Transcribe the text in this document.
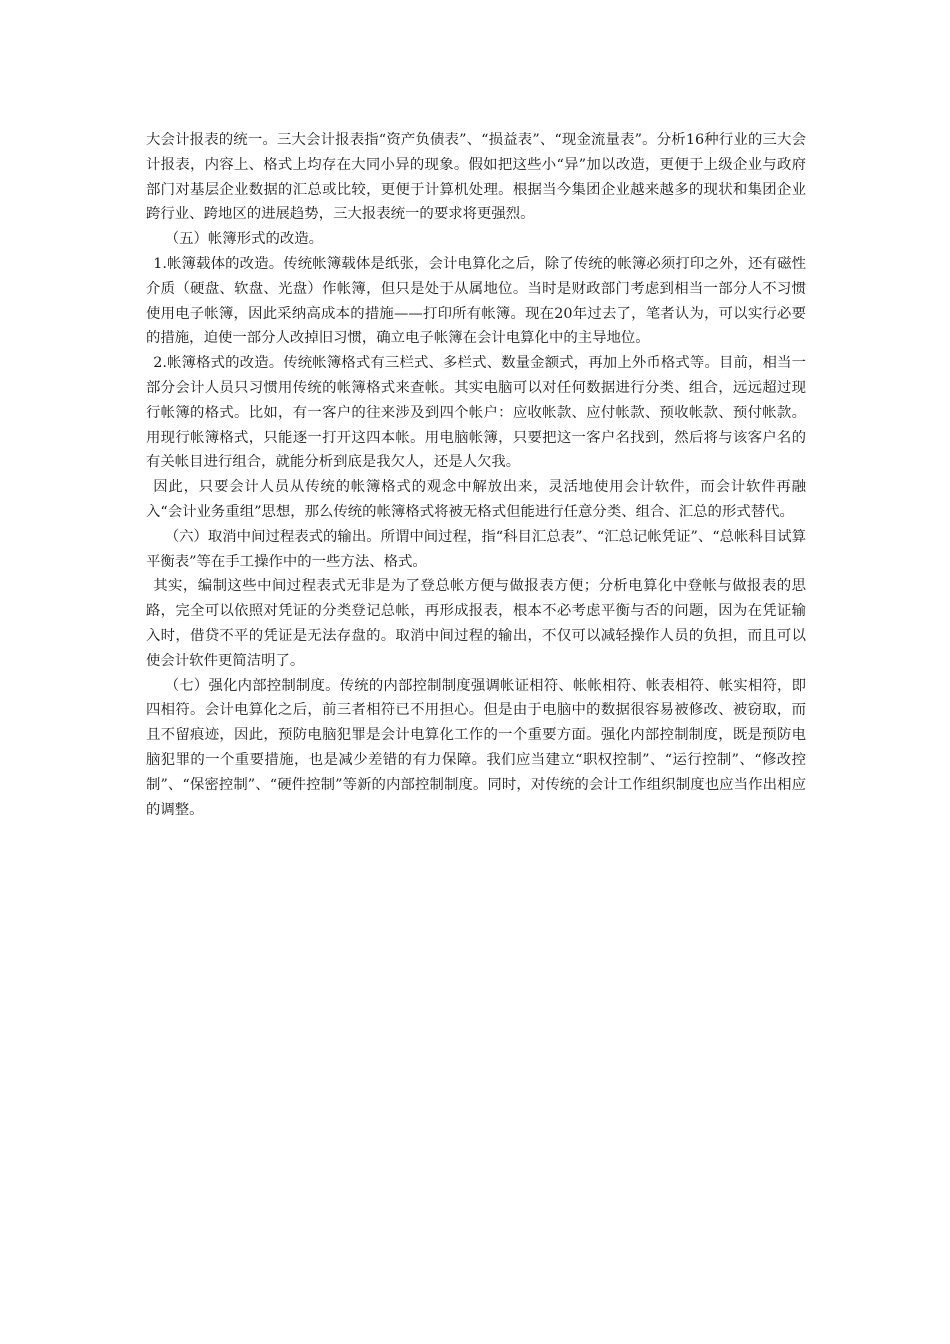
大会计报表的统一。三大会计报表指“资产负债表”、“损益表”、“现金流量表”。分析16种行业的三大会计报表，内容上、格式上均存在大同小异的现象。假如把这些小“异”加以改造，更便于上级企业与政府部门对基层企业数据的汇总或比较，更便于计算机处理。根据当今集团企业越来越多的现状和集团企业跨行业、跨地区的进展趋势，三大报表统一的要求将更强烈。

（五）帐簿形式的改造。

1.帐簿载体的改造。传统帐簿载体是纸张，会计电算化之后，除了传统的帐簿必须打印之外，还有磁性介质（硬盘、软盘、光盘）作帐簿，但只是处于从属地位。当时是财政部门考虑到相当一部分人不习惯使用电子帐簿，因此采纳高成本的措施——打印所有帐簿。现在20年过去了，笔者认为，可以实行必要的措施，迫使一部分人改掉旧习惯，确立电子帐簿在会计电算化中的主导地位。

2.帐簿格式的改造。传统帐簿格式有三栏式、多栏式、数量金额式，再加上外币格式等。目前，相当一部分会计人员只习惯用传统的帐簿格式来查帐。其实电脑可以对任何数据进行分类、组合，远远超过现行帐簿的格式。比如，有一客户的往来涉及到四个帐户：应收帐款、应付帐款、预收帐款、预付帐款。用现行帐簿格式，只能逐一打开这四本帐。用电脑帐簿，只要把这一客户名找到，然后将与该客户名的有关帐目进行组合，就能分析到底是我欠人，还是人欠我。

因此，只要会计人员从传统的帐簿格式的观念中解放出来，灵活地使用会计软件，而会计软件再融入“会计业务重组”思想，那么传统的帐簿格式将被无格式但能进行任意分类、组合、汇总的形式替代。

（六）取消中间过程表式的输出。所谓中间过程，指“科目汇总表”、“汇总记帐凭证”、“总帐科目试算平衡表”等在手工操作中的一些方法、格式。

其实，编制这些中间过程表式无非是为了登总帐方便与做报表方便；分析电算化中登帐与做报表的思路，完全可以依照对凭证的分类登记总帐，再形成报表，根本不必考虑平衡与否的问题，因为在凭证输入时，借贷不平的凭证是无法存盘的。取消中间过程的输出，不仅可以减轻操作人员的负担，而且可以使会计软件更简洁明了。

（七）强化内部控制制度。传统的内部控制制度强调帐证相符、帐帐相符、帐表相符、帐实相符，即四相符。会计电算化之后，前三者相符已不用担心。但是由于电脑中的数据很容易被修改、被窃取，而且不留痕迹，因此，预防电脑犯罪是会计电算化工作的一个重要方面。强化内部控制制度，既是预防电脑犯罪的一个重要措施，也是减少差错的有力保障。我们应当建立“职权控制”、“运行控制”、“修改控制”、“保密控制”、“硬件控制”等新的内部控制制度。同时，对传统的会计工作组织制度也应当作出相应的调整。
